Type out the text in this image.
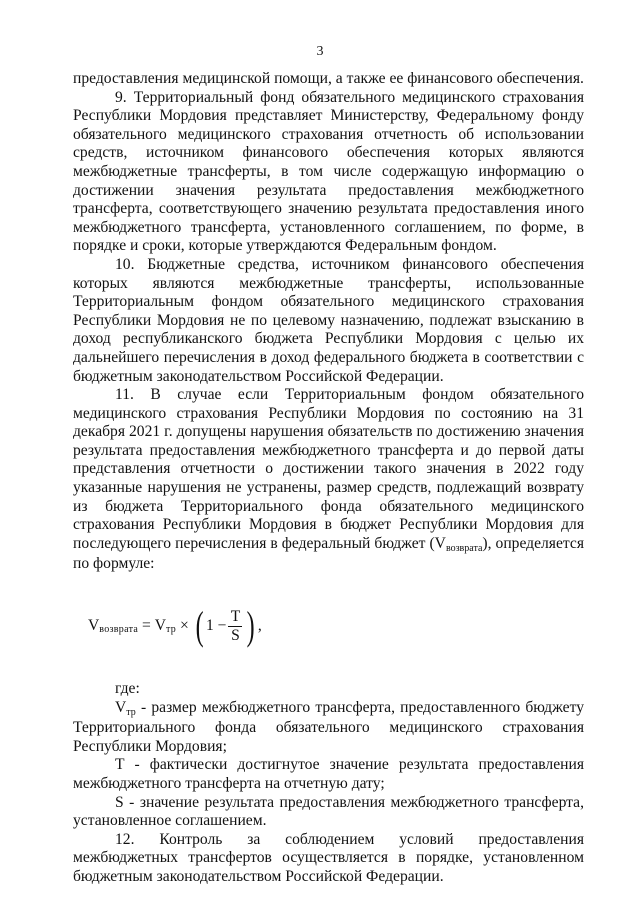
3

предоставления медицинской помощи, а также ее финансового обеспечения.

9. Территориальный фонд обязательного медицинского страхования Республики Мордовия представляет Министерству, Федеральному фонду обязательного медицинского страхования отчетность об использовании средств, источником финансового обеспечения которых являются межбюджетные трансферты, в том числе содержащую информацию о достижении значения результата предоставления межбюджетного трансферта, соответствующего значению результата предоставления иного межбюджетного трансферта, установленного соглашением, по форме, в порядке и сроки, которые утверждаются Федеральным фондом.

10. Бюджетные средства, источником финансового обеспечения которых являются межбюджетные трансферты, использованные Территориальным фондом обязательного медицинского страхования Республики Мордовия не по целевому назначению, подлежат взысканию в доход республиканского бюджета Республики Мордовия с целью их дальнейшего перечисления в доход федерального бюджета в соответствии с бюджетным законодательством Российской Федерации.

11. В случае если Территориальным фондом обязательного медицинского страхования Республики Мордовия по состоянию на 31 декабря 2021 г. допущены нарушения обязательств по достижению значения результата предоставления межбюджетного трансферта и до первой даты представления отчетности о достижении такого значения в 2022 году указанные нарушения не устранены, размер средств, подлежащий возврату из бюджета Территориального фонда обязательного медицинского страхования Республики Мордовия в бюджет Республики Мордовия для последующего перечисления в федеральный бюджет (Vвозврата), определяется по формуле:

V возврата = V тр × ( $1 - \frac{T}{S}$ ) ,

где:

Vтр - размер межбюджетного трансферта, предоставленного бюджету Территориального фонда обязательного медицинского страхования Республики Мордовия;

Т - фактически достигнутое значение результата предоставления межбюджетного трансферта на отчетную дату;

S - значение результата предоставления межбюджетного трансферта, установленное соглашением.

12. Контроль за соблюдением условий предоставления межбюджетных трансфертов осуществляется в порядке, установленном бюджетным законодательством Российской Федерации.
